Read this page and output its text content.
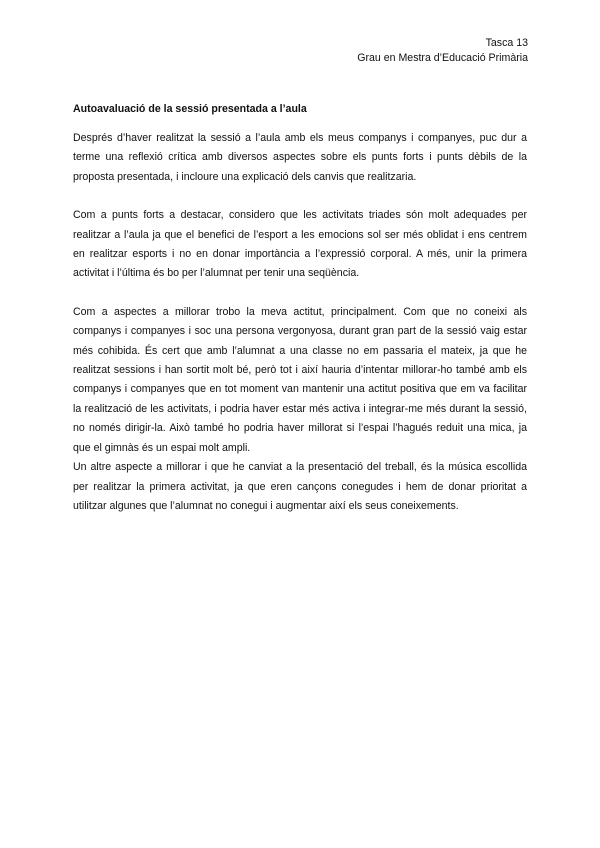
Tasca 13
Grau en Mestra d’Educació Primària
Autoavaluació de la sessió presentada a l’aula

Després d’haver realitzat la sessió a l’aula amb els meus companys i companyes, puc dur a terme una reflexió crítica amb diversos aspectes sobre els punts forts i punts dèbils de la proposta presentada, i incloure una explicació dels canvis que realitzaria.

Com a punts forts a destacar, considero que les activitats triades són molt adequades per realitzar a l’aula ja que el benefici de l’esport a les emocions sol ser més oblidat i ens centrem en realitzar esports i no en donar importància a l’expressió corporal. A més, unir la primera activitat i l’última és bo per l’alumnat per tenir una seqüència.

Com a aspectes a millorar trobo la meva actitut, principalment. Com que no coneixi als companys i companyes i soc una persona vergonyosa, durant gran part de la sessió vaig estar més cohibida. És cert que amb l’alumnat a una classe no em passaria el mateix, ja que he realitzat sessions i han sortit molt bé, però tot i així hauria d’intentar millorar-ho també amb els companys i companyes que en tot moment van mantenir una actitut positiva que em va facilitar la realització de les activitats, i podria haver estar més activa i integrar-me més durant la sessió, no només dirigir-la. Això també ho podria haver millorat si l’espai l’hagués reduit una mica, ja que el gimnàs és un espai molt ampli.

Un altre aspecte a millorar i que he canviat a la presentació del treball, és la música escollida per realitzar la primera activitat, ja que eren cançons conegudes i hem de donar prioritat a utilitzar algunes que l’alumnat no conegui i augmentar així els seus coneixements.
